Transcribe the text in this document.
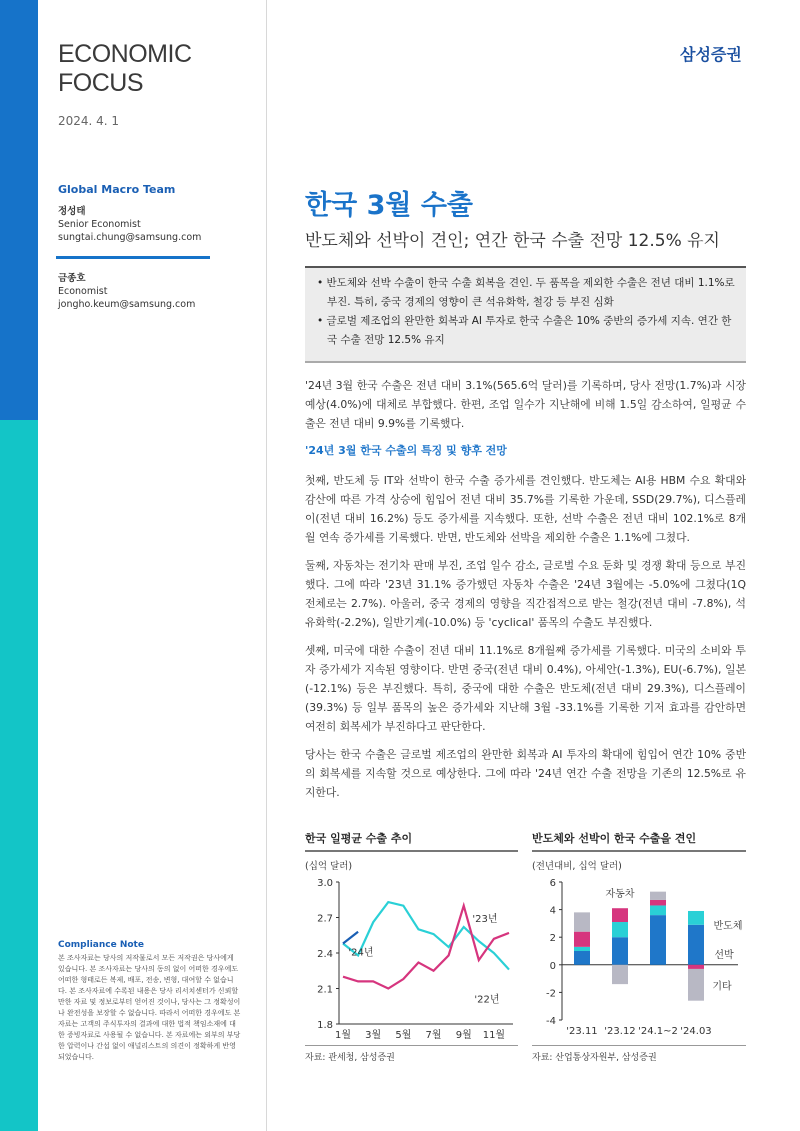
ECONOMIC
FOCUS
2024. 4. 1
Global Macro Team
정성태
Senior Economist
sungtai.chung@samsung.com
금종호
Economist
jongho.keum@samsung.com
Compliance Note
본 조사자료는 당사의 저작물로서 모든 저작권은 당사에게 있습니다. 본 조사자료는 당사의 동의 없이 어떠한 경우에도 어떠한 형태로든 복제, 배포, 전송, 변형, 대여할 수 없습니다. 본 조사자료에 수록된 내용은 당사 리서치센터가 신뢰할 만한 자료 및 정보로부터 얻어진 것이나, 당사는 그 정확성이나 완전성을 보장할 수 없습니다. 따라서 어떠한 경우에도 본 자료는 고객의 주식투자의 결과에 대한 법적 책임소재에 대한 증빙자료로 사용될 수 없습니다. 본 자료에는 외부의 부당한 압력이나 간섭 없이 애널리스트의 의견이 정확하게 반영되었습니다.
삼성증권
한국 3월 수출
반도체와 선박이 견인; 연간 한국 수출 전망 12.5% 유지
• 반도체와 선박 수출이 한국 수출 회복을 견인. 두 품목을 제외한 수출은 전년 대비 1.1%로 부진. 특히, 중국 경제의 영향이 큰 석유화학, 철강 등 부진 심화
• 글로벌 제조업의 완만한 회복과 AI 투자로 한국 수출은 10% 중반의 증가세 지속. 연간 한국 수출 전망 12.5% 유지

'24년 3월 한국 수출은 전년 대비 3.1%(565.6억 달러)를 기록하며, 당사 전망(1.7%)과 시장 예상(4.0%)에 대체로 부합했다. 한편, 조업 일수가 지난해에 비해 1.5일 감소하여, 일평균 수출은 전년 대비 9.9%를 기록했다.

'24년 3월 한국 수출의 특징 및 향후 전망

첫째, 반도체 등 IT와 선박이 한국 수출 증가세를 견인했다. 반도체는 AI용 HBM 수요 확대와 감산에 따른 가격 상승에 힘입어 전년 대비 35.7%를 기록한 가운데, SSD(29.7%), 디스플레이(전년 대비 16.2%) 등도 증가세를 지속했다. 또한, 선박 수출은 전년 대비 102.1%로 8개월 연속 증가세를 기록했다. 반면, 반도체와 선박을 제외한 수출은 1.1%에 그쳤다.

둘째, 자동차는 전기차 판매 부진, 조업 일수 감소, 글로벌 수요 둔화 및 경쟁 확대 등으로 부진했다. 그에 따라 '23년 31.1% 증가했던 자동차 수출은 '24년 3월에는 -5.0%에 그쳤다(1Q 전체로는 2.7%). 아울러, 중국 경제의 영향을 직간접적으로 받는 철강(전년 대비 -7.8%), 석유화학(-2.2%), 일반기계(-10.0%) 등 'cyclical' 품목의 수출도 부진했다.

셋째, 미국에 대한 수출이 전년 대비 11.1%로 8개월째 증가세를 기록했다. 미국의 소비와 투자 증가세가 지속된 영향이다. 반면 중국(전년 대비 0.4%), 아세안(-1.3%), EU(-6.7%), 일본(-12.1%) 등은 부진했다. 특히, 중국에 대한 수출은 반도체(전년 대비 29.3%), 디스플레이(39.3%) 등 일부 품목의 높은 증가세와 지난해 3월 -33.1%를 기록한 기저 효과를 감안하면 여전히 회복세가 부진하다고 판단한다.

당사는 한국 수출은 글로벌 제조업의 완만한 회복과 AI 투자의 확대에 힘입어 연간 10% 중반의 회복세를 지속할 것으로 예상한다. 그에 따라 '24년 연간 수출 전망을 기존의 12.5%로 유지한다.

한국 일평균 수출 추이
(십억 달러)
3.0
2.7
2.4
2.1
1.8
1월 3월 5월 7월 9월 11월
'23년
'24년
'22년
자료: 관세청, 삼성증권
반도체와 선박이 한국 수출을 견인
(전년대비, 십억 달러)
6
4
2
0
-2
-4
'23.11 '23.12 '24.1~2 '24.03
자동차
반도체
선박
기타
자료: 산업통상자원부, 삼성증권
